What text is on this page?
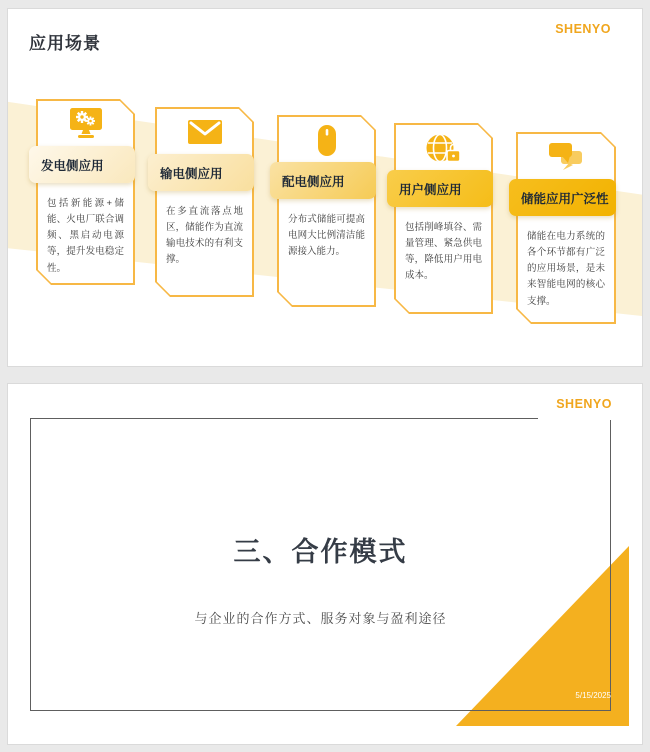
应用场景
SHENYO
发电侧应用
包括新能源+储能、火电厂联合调频、黑启动电源等，提升发电稳定性。
输电侧应用
在多直流落点地区，储能作为直流输电技术的有利支撑。
配电侧应用
分布式储能可提高电网大比例清洁能源接入能力。
用户侧应用
包括削峰填谷、需量管理、紧急供电等，降低用户用电成本。
储能应用广泛性
储能在电力系统的各个环节都有广泛的应用场景，是未来智能电网的核心支撑。
SHENYO
三、合作模式
与企业的合作方式、服务对象与盈利途径
5/15/2025
